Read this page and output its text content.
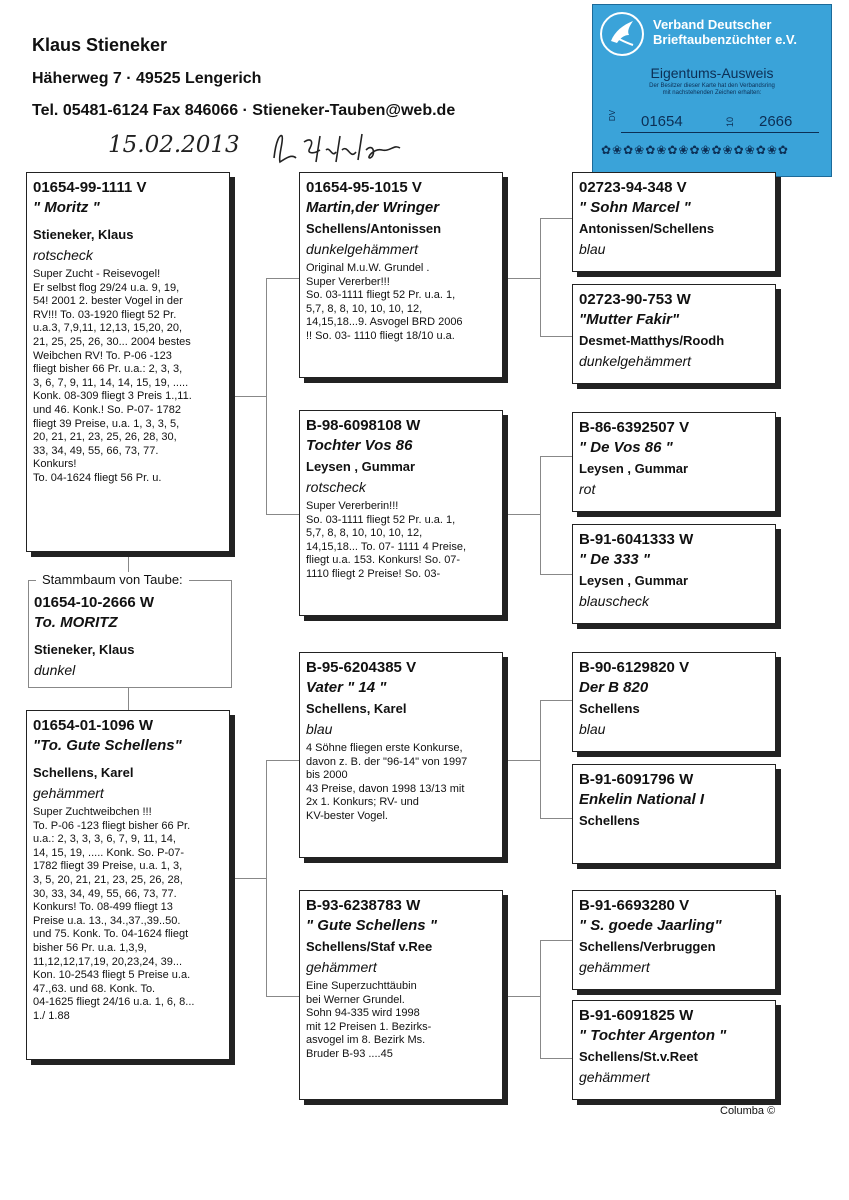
Klaus Stieneker
Häherweg 7 · 49525 Lengerich
Tel. 05481-6124 Fax 846066 · Stieneker-Tauben@web.de
15.02.2013
Verband Deutscher
Brieftaubenzüchter e.V.
Eigentums-Ausweis
Der Besitzer dieser Karte hat den Verbandsring
mit nachstehenden Zeichen erhalten:
DV 01654	10 2666
✿❀✿❀✿❀✿❀✿❀✿❀✿❀✿❀✿
Stammbaum von Taube:
01654-10-2666 W
To. MORITZ
Stieneker, Klaus
dunkel
01654-99-1111 V
" Moritz "
Stieneker, Klaus
rotscheck
Super Zucht - Reisevogel!
Er selbst flog 29/24 u.a. 9, 19,
54! 2001 2. bester Vogel in der
RV!!! To. 03-1920 fliegt 52 Pr.
u.a.3, 7,9,11, 12,13, 15,20, 20,
21, 25, 25, 26, 30... 2004 bestes
Weibchen RV! To. P-06 -123
fliegt bisher 66 Pr. u.a.: 2, 3, 3,
3, 6, 7, 9, 11, 14, 14, 15, 19, .....
Konk. 08-309 fliegt 3 Preis 1.,11.
und 46. Konk.! So. P-07- 1782
fliegt 39 Preise, u.a. 1, 3, 3, 5,
20, 21, 21, 23, 25, 26, 28, 30,
33, 34, 49, 55, 66, 73, 77.
Konkurs!
To. 04-1624 fliegt 56 Pr. u.
01654-01-1096 W
"To. Gute Schellens"
Schellens, Karel
gehämmert
Super Zuchtweibchen !!!
To. P-06 -123 fliegt bisher 66 Pr.
u.a.: 2, 3, 3, 3, 6, 7, 9, 11, 14,
14, 15, 19, ..... Konk. So. P-07-
1782 fliegt 39 Preise, u.a. 1, 3,
3, 5, 20, 21, 21, 23, 25, 26, 28,
30, 33, 34, 49, 55, 66, 73, 77.
Konkurs! To. 08-499 fliegt 13
Preise u.a. 13., 34.,37.,39..50.
und 75. Konk. To. 04-1624 fliegt
bisher 56 Pr. u.a. 1,3,9,
11,12,12,17,19, 20,23,24, 39...
Kon. 10-2543 fliegt 5 Preise u.a.
47.,63. und 68. Konk. To.
04-1625 fliegt 24/16 u.a. 1, 6, 8...
1./ 1.88
01654-95-1015 V
Martin,der Wringer
Schellens/Antonissen
dunkelgehämmert
Original M.u.W. Grundel .
Super Vererber!!!
So. 03-1111 fliegt 52 Pr. u.a. 1,
5,7, 8, 8, 10, 10, 10, 12,
14,15,18...9. Asvogel BRD 2006
!! So. 03- 1110 fliegt 18/10 u.a.
B-98-6098108 W
Tochter Vos 86
Leysen , Gummar
rotscheck
Super Vererberin!!!
So. 03-1111 fliegt 52 Pr. u.a. 1,
5,7, 8, 8, 10, 10, 10, 12,
14,15,18... To. 07- 1111 4 Preise,
fliegt u.a. 153. Konkurs! So. 07-
1110 fliegt 2 Preise! So. 03-
B-95-6204385 V
Vater " 14 "
Schellens, Karel
blau
4 Söhne fliegen erste Konkurse,
davon z. B. der "96-14" von 1997
bis 2000
43 Preise, davon 1998 13/13 mit
2x 1. Konkurs; RV- und
KV-bester Vogel.
B-93-6238783 W
" Gute Schellens "
Schellens/Staf v.Ree
gehämmert
Eine Superzuchttäubin
bei Werner Grundel.
Sohn 94-335 wird 1998
mit 12 Preisen 1. Bezirks-
asvogel im 8. Bezirk Ms.
Bruder B-93 ....45
02723-94-348 V
" Sohn Marcel "
Antonissen/Schellens
blau
02723-90-753 W
"Mutter Fakir"
Desmet-Matthys/Roodh
dunkelgehämmert
B-86-6392507 V
" De Vos 86 "
Leysen , Gummar
rot
B-91-6041333 W
" De 333 "
Leysen , Gummar
blauscheck
B-90-6129820 V
Der B 820
Schellens
blau
B-91-6091796 W
Enkelin National I
Schellens
B-91-6693280 V
" S. goede Jaarling"
Schellens/Verbruggen
gehämmert
B-91-6091825 W
" Tochter Argenton "
Schellens/St.v.Reet
gehämmert
Columba ©
